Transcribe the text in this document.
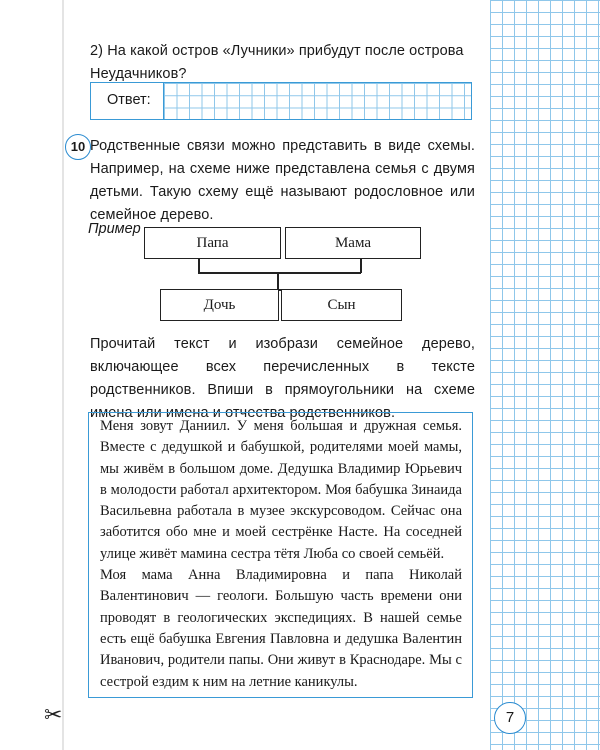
2) На какой остров «Лучники» прибудут после острова Неудачников?
Ответ:
10 Родственные связи можно представить в виде схемы. Например, на схеме ниже представлена семья с двумя детьми. Такую схему ещё называют родословное или семейное дерево.
Пример
Папа	Мама
Дочь	Сын
Прочитай текст и изобрази семейное дерево, включающее всех перечисленных в тексте родственников. Впиши в прямоугольники на схеме имена или имена и отчества родственников.

Меня зовут Даниил. У меня большая и дружная семья. Вместе с дедушкой и бабушкой, родителями моей мамы, мы живём в большом доме. Дедушка Владимир Юрьевич в молодости работал архитектором. Моя бабушка Зинаида Васильевна работала в музее экскурсоводом. Сейчас она заботится обо мне и моей сестрёнке Насте. На соседней улице живёт мамина сестра тётя Люба со своей семьёй.

Моя мама Анна Владимировна и папа Николай Валентинович — геологи. Большую часть времени они проводят в геологических экспедициях. В нашей семье есть ещё бабушка Евгения Павловна и дедушка Валентин Иванович, родители папы. Они живут в Краснодаре. Мы с сестрой ездим к ним на летние каникулы.

✂	7
